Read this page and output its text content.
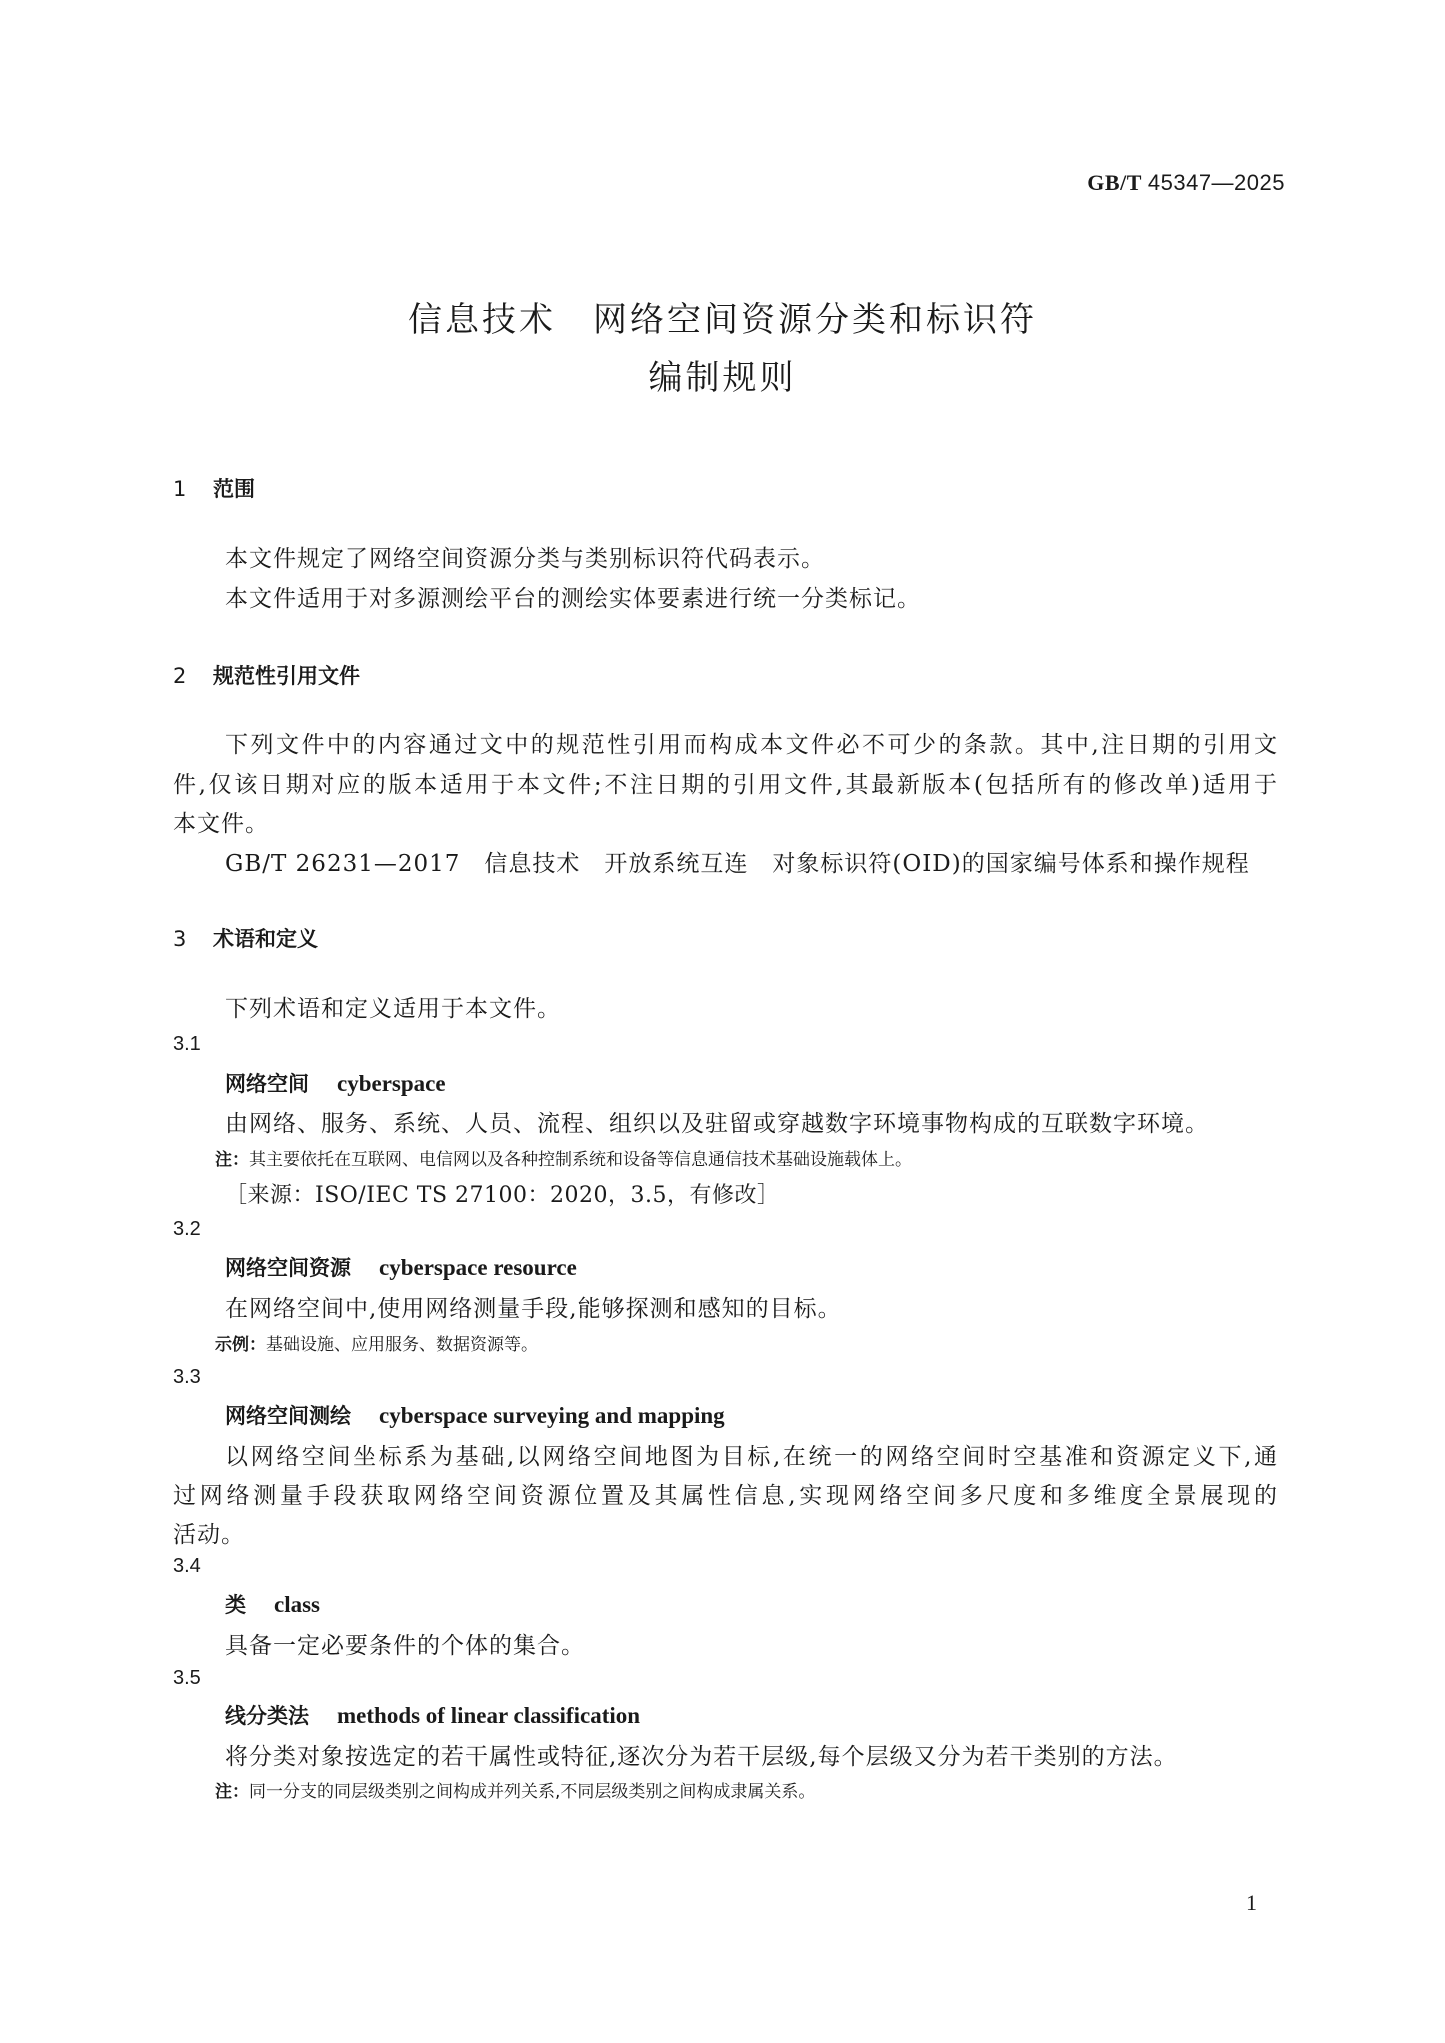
GB/T 45347—2025
信息技术　网络空间资源分类和标识符
编制规则
1 范围
本文件规定了网络空间资源分类与类别标识符代码表示。
本文件适用于对多源测绘平台的测绘实体要素进行统一分类标记。
2 规范性引用文件
下列文件中的内容通过文中的规范性引用而构成本文件必不可少的条款。其中,注日期的引用文
件,仅该日期对应的版本适用于本文件;不注日期的引用文件,其最新版本(包括所有的修改单)适用于
本文件。
GB/T 26231—2017　信息技术　开放系统互连　对象标识符(OID)的国家编号体系和操作规程
3 术语和定义
下列术语和定义适用于本文件。
3.1
网络空间 cyberspace
由网络、服务、系统、人员、流程、组织以及驻留或穿越数字环境事物构成的互联数字环境。
注：其主要依托在互联网、电信网以及各种控制系统和设备等信息通信技术基础设施载体上。
［来源：ISO/IEC TS 27100：2020，3.5，有修改］
3.2
网络空间资源 cyberspace resource
在网络空间中,使用网络测量手段,能够探测和感知的目标。
示例：基础设施、应用服务、数据资源等。
3.3
网络空间测绘 cyberspace surveying and mapping
以网络空间坐标系为基础,以网络空间地图为目标,在统一的网络空间时空基准和资源定义下,通
过网络测量手段获取网络空间资源位置及其属性信息,实现网络空间多尺度和多维度全景展现的
活动。
3.4
类 class
具备一定必要条件的个体的集合。
3.5
线分类法 methods of linear classification
将分类对象按选定的若干属性或特征,逐次分为若干层级,每个层级又分为若干类别的方法。
注：同一分支的同层级类别之间构成并列关系,不同层级类别之间构成隶属关系。
1
